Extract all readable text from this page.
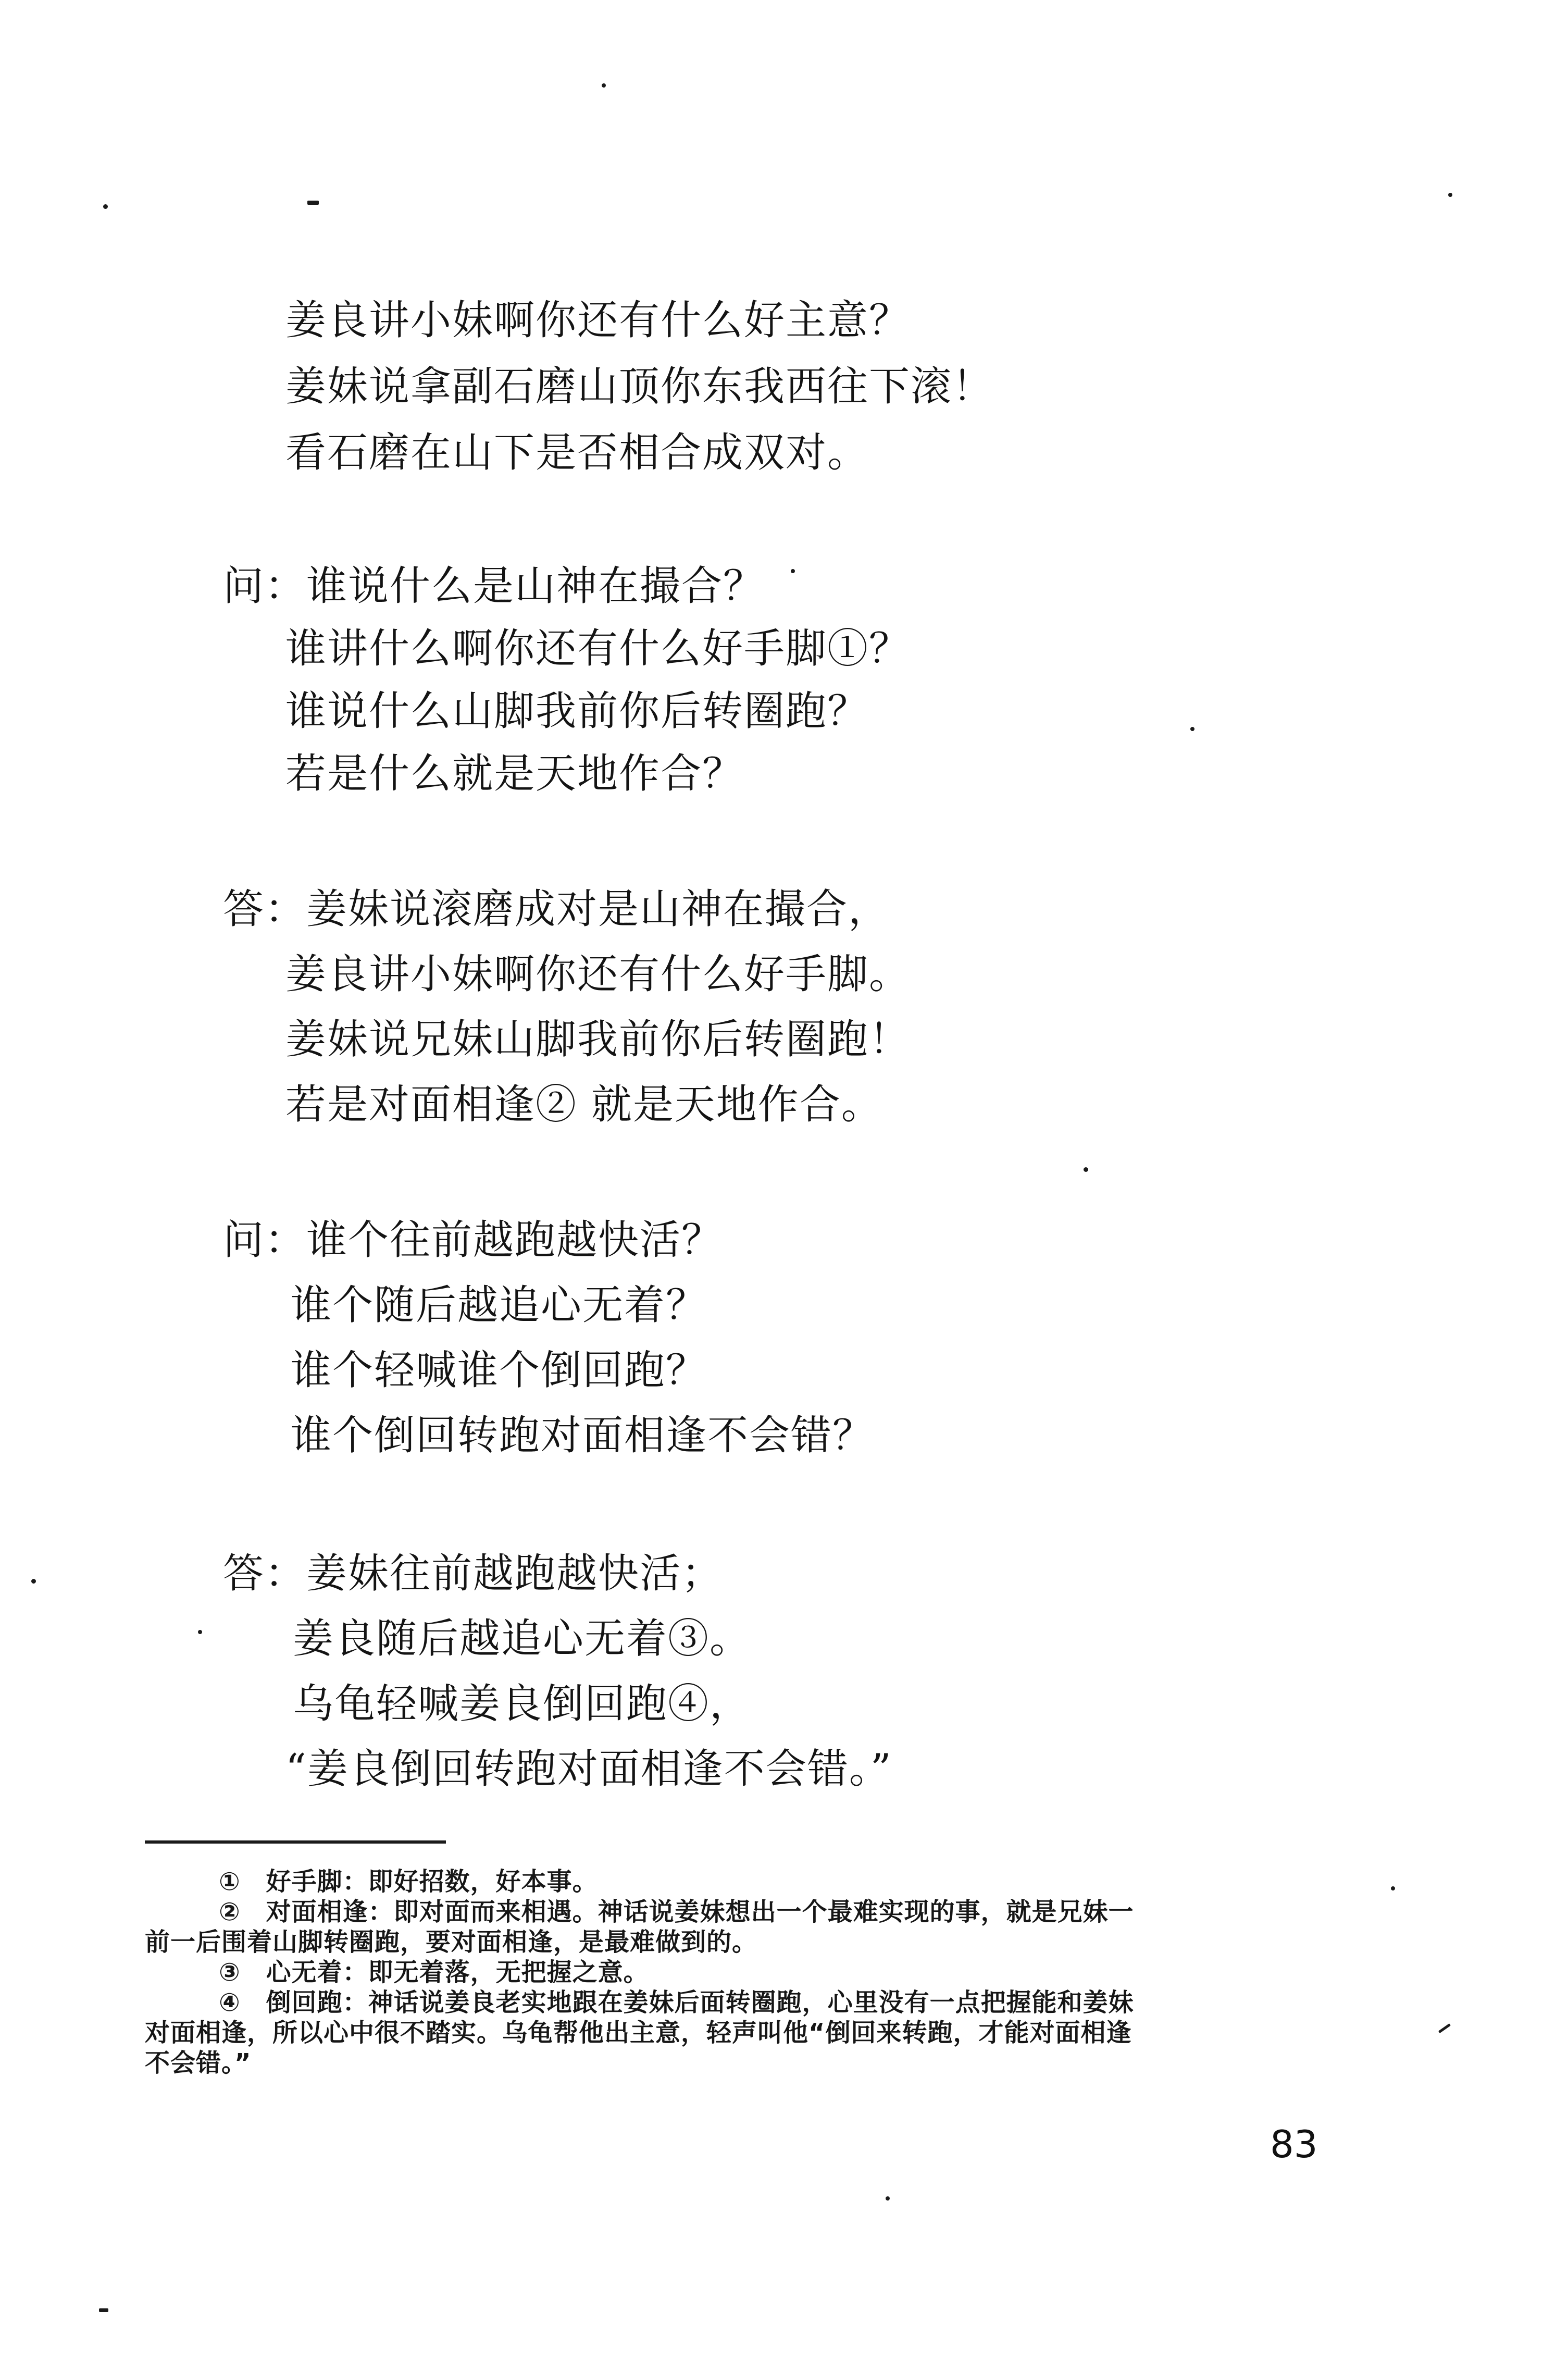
姜良讲小妹啊你还有什么好主意？
姜妹说拿副石磨山顶你东我西往下滚！
看石磨在山下是否相合成双对。
问：谁说什么是山神在撮合？
谁讲什么啊你还有什么好手脚①？
谁说什么山脚我前你后转圈跑？
若是什么就是天地作合？
答：姜妹说滚磨成对是山神在撮合，
姜良讲小妹啊你还有什么好手脚。
姜妹说兄妹山脚我前你后转圈跑！
若是对面相逢② 就是天地作合。
问：谁个往前越跑越快活？
谁个随后越追心无着？
谁个轻喊谁个倒回跑？
谁个倒回转跑对面相逢不会错？
答：姜妹往前越跑越快活；
姜良随后越追心无着③。
乌龟轻喊姜良倒回跑④，
“姜良倒回转跑对面相逢不会错。”
①　好手脚：即好招数，好本事。
②　对面相逢：即对面而来相遇。神话说姜妹想出一个最难实现的事，就是兄妹一
前一后围着山脚转圈跑，要对面相逢，是最难做到的。
③　心无着：即无着落，无把握之意。
④　倒回跑：神话说姜良老实地跟在姜妹后面转圈跑，心里没有一点把握能和姜妹
对面相逢，所以心中很不踏实。乌龟帮他出主意，轻声叫他“倒回来转跑，才能对面相逢
不会错。”
83
